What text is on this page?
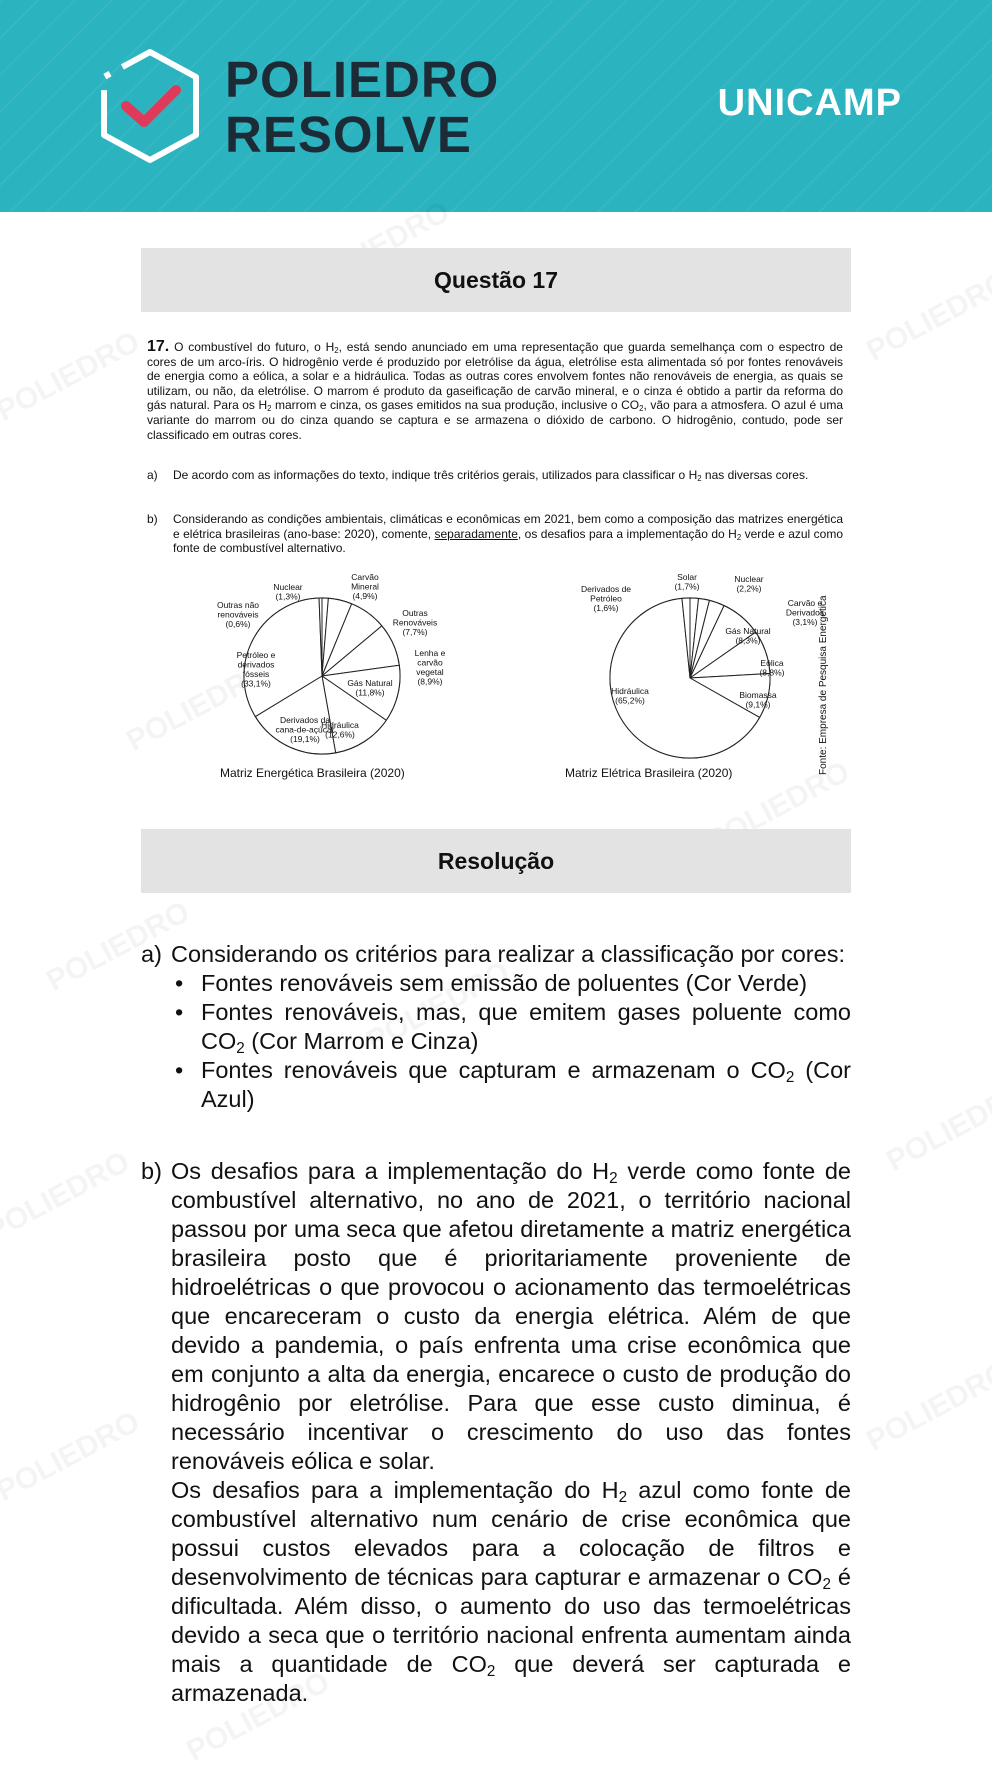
POLIEDRO
RESOLVE
UNICAMP
Questão 17
17. O combustível do futuro, o $H_2$, está sendo anunciado em uma representação que guarda semelhança com o espectro de cores de um arco-íris. O hidrogênio verde é produzido por eletrólise da água, eletrólise esta alimentada só por fontes renováveis de energia como a eólica, a solar e a hidráulica. Todas as outras cores envolvem fontes não renováveis de energia, as quais se utilizam, ou não, da eletrólise. O marrom é produto da gaseificação de carvão mineral, e o cinza é obtido a partir da reforma do gás natural. Para os $H_2$ marrom e cinza, os gases emitidos na sua produção, inclusive o $CO_2$, vão para a atmosfera. O azul é uma variante do marrom ou do cinza quando se captura e se armazena o dióxido de carbono. O hidrogênio, contudo, pode ser classificado em outras cores.
a) De acordo com as informações do texto, indique três critérios gerais, utilizados para classificar o $H_2$ nas diversas cores.
b) Considerando as condições ambientais, climáticas e econômicas em 2021, bem como a composição das matrizes energética e elétrica brasileiras (ano-base: 2020), comente, separadamente, os desafios para a implementação do $H_2$ verde e azul como fonte de combustível alternativo.
Nuclear (1,3%)
Carvão Mineral (4,9%)
Outras Renováveis (7,7%)
Lenha e carvão vegetal (8,9%)
Gás Natural (11,8%)
Hidráulica (12,6%)
Derivados da cana-de-açúcar (19,1%)
Petróleo e derivados fósseis (33,1%)
Outras não renováveis (0,6%)
Solar (1,7%)
Nuclear (2,2%)
Carvão e Derivados (3,1%)
Gás Natural (8,3%)
Eólica (8,8%)
Biomassa (9,1%)
Hidráulica (65,2%)
Derivados de Petróleo (1,6%)
Matriz Energética Brasileira (2020)	Matriz Elétrica Brasileira (2020)	Fonte: Empresa de Pesquisa Energética
Resolução
a) Considerando os critérios para realizar a classificação por cores:
• Fontes renováveis sem emissão de poluentes (Cor Verde)
• Fontes renováveis, mas, que emitem gases poluente como $CO_2$ (Cor Marrom e Cinza)
• Fontes renováveis que capturam e armazenam o $CO_2$ (Cor Azul)
b) Os desafios para a implementação do $H_2$ verde como fonte de combustível alternativo, no ano de 2021, o território nacional passou por uma seca que afetou diretamente a matriz energética brasileira posto que é prioritariamente proveniente de hidroelétricas o que provocou o acionamento das termoelétricas que encareceram o custo da energia elétrica. Além de que devido a pandemia, o país enfrenta uma crise econômica que em conjunto a alta da energia, encarece o custo de produção do hidrogênio por eletrólise. Para que esse custo diminua, é necessário incentivar o crescimento do uso das fontes renováveis eólica e solar.
Os desafios para a implementação do $H_2$ azul como fonte de combustível alternativo num cenário de crise econômica que possui custos elevados para a colocação de filtros e desenvolvimento de técnicas para capturar e armazenar o $CO_2$ é dificultada. Além disso, o aumento do uso das termoelétricas devido a seca que o território nacional enfrenta aumentam ainda mais a quantidade de $CO_2$ que deverá ser capturada e armazenada.
